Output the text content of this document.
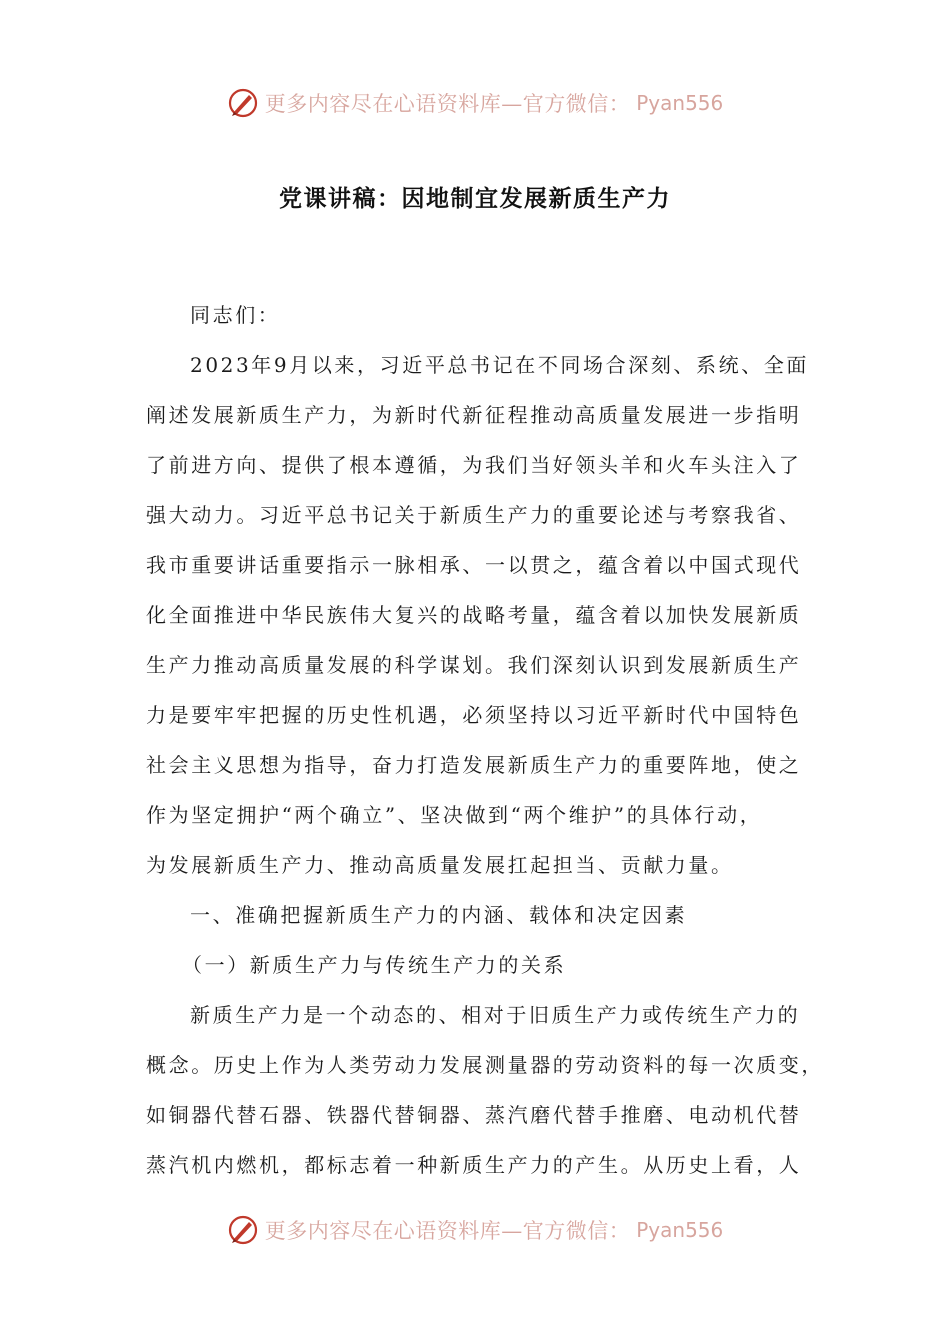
更多内容尽在心语资料库—官方微信： Pyan556
党课讲稿：因地制宜发展新质生产力
同志们：
2023年9月以来，习近平总书记在不同场合深刻、系统、全面
阐述发展新质生产力，为新时代新征程推动高质量发展进一步指明
了前进方向、提供了根本遵循，为我们当好领头羊和火车头注入了
强大动力。习近平总书记关于新质生产力的重要论述与考察我省、
我市重要讲话重要指示一脉相承、一以贯之，蕴含着以中国式现代
化全面推进中华民族伟大复兴的战略考量，蕴含着以加快发展新质
生产力推动高质量发展的科学谋划。我们深刻认识到发展新质生产
力是要牢牢把握的历史性机遇，必须坚持以习近平新时代中国特色
社会主义思想为指导，奋力打造发展新质生产力的重要阵地，使之
作为坚定拥护“两个确立”、坚决做到“两个维护”的具体行动，
为发展新质生产力、推动高质量发展扛起担当、贡献力量。
一、准确把握新质生产力的内涵、载体和决定因素
（一）新质生产力与传统生产力的关系
新质生产力是一个动态的、相对于旧质生产力或传统生产力的
概念。历史上作为人类劳动力发展测量器的劳动资料的每一次质变，
如铜器代替石器、铁器代替铜器、蒸汽磨代替手推磨、电动机代替
蒸汽机内燃机，都标志着一种新质生产力的产生。从历史上看，人
更多内容尽在心语资料库—官方微信： Pyan556
